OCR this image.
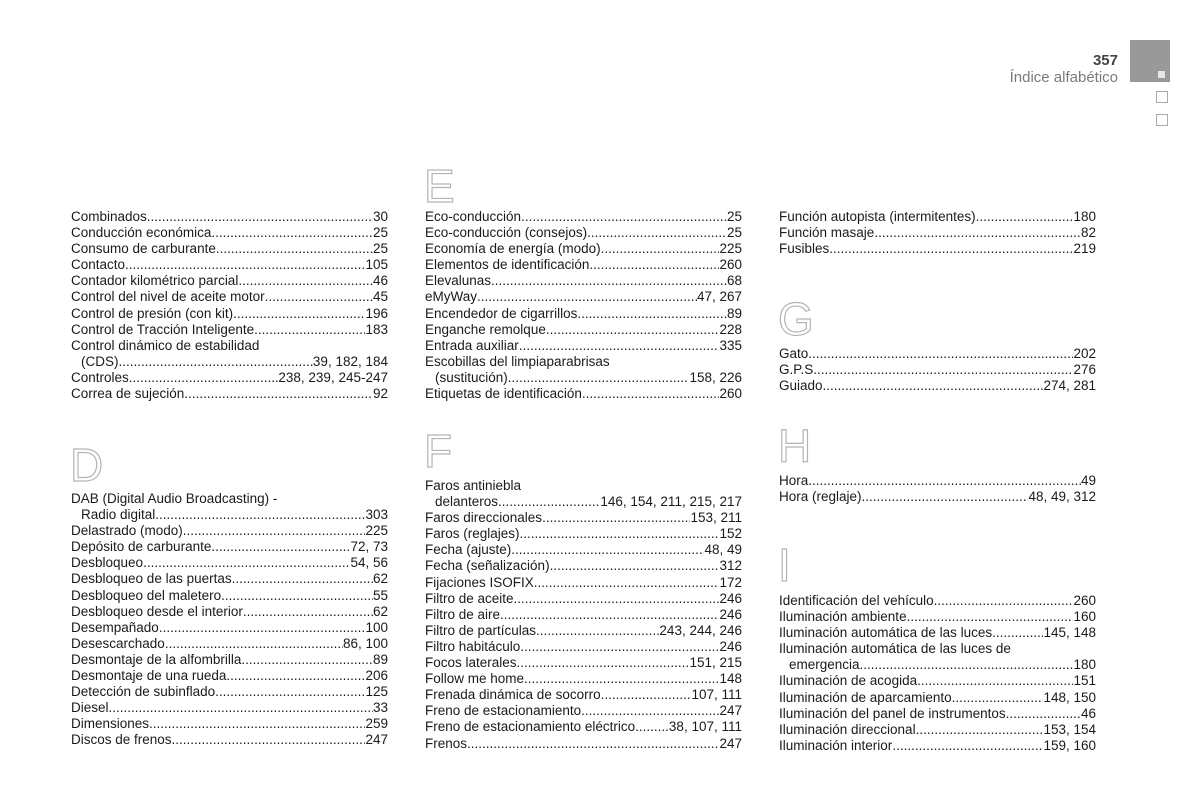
357
Índice alfabético
D
E
F
G
H
I
Combinados .....	30
Conducción económica .....	25
Consumo de carburante .....	25
Contacto .....	105
Contador kilométrico parcial .....	46
Control del nivel de aceite motor .....	45
Control de presión (con kit) .....	196
Control de Tracción Inteligente .....	183
Control dinámico de estabilidad
(CDS) .....	39, 182, 184
Controles .....	238, 239, 245-247
Correa de sujeción .....	92
DAB (Digital Audio Broadcasting) -
Radio digital .....	303
Delastrado (modo) .....	225
Depósito de carburante .....	72, 73
Desbloqueo .....	54, 56
Desbloqueo de las puertas .....	62
Desbloqueo del maletero .....	55
Desbloqueo desde el interior .....	62
Desempañado .....	100
Desescarchado .....	86, 100
Desmontaje de la alfombrilla .....	89
Desmontaje de una rueda .....	206
Detección de subinflado .....	125
Diesel .....	33
Dimensiones .....	259
Discos de frenos .....	247
Eco-conducción .....	25
Eco-conducción (consejos) .....	25
Economía de energía (modo) .....	225
Elementos de identificación .....	260
Elevalunas .....	68
eMyWay .....	47, 267
Encendedor de cigarrillos .....	89
Enganche remolque .....	228
Entrada auxiliar .....	335
Escobillas del limpiaparabrisas
(sustitución) .....	158, 226
Etiquetas de identificación .....	260
Faros antiniebla
delanteros .....	146, 154, 211, 215, 217
Faros direccionales .....	153, 211
Faros (reglajes) .....	152
Fecha (ajuste) .....	48, 49
Fecha (señalización) .....	312
Fijaciones ISOFIX .....	172
Filtro de aceite .....	246
Filtro de aire .....	246
Filtro de partículas .....	243, 244, 246
Filtro habitáculo .....	246
Focos laterales .....	151, 215
Follow me home .....	148
Frenada dinámica de socorro .....	107, 111
Freno de estacionamiento .....	247
Freno de estacionamiento eléctrico .....	38, 107, 111
Frenos .....	247
Función autopista (intermitentes) .....	180
Función masaje .....	82
Fusibles .....	219
Gato .....	202
G.P.S. .....	276
Guiado .....	274, 281
Hora .....	49
Hora (reglaje) .....	48, 49, 312
Identificación del vehículo .....	260
Iluminación ambiente .....	160
Iluminación automática de las luces .....	145, 148
Iluminación automática de las luces de
emergencia .....	180
Iluminación de acogida .....	151
Iluminación de aparcamiento .....	148, 150
Iluminación del panel de instrumentos .....	46
Iluminación direccional .....	153, 154
Iluminación interior .....	159, 160
